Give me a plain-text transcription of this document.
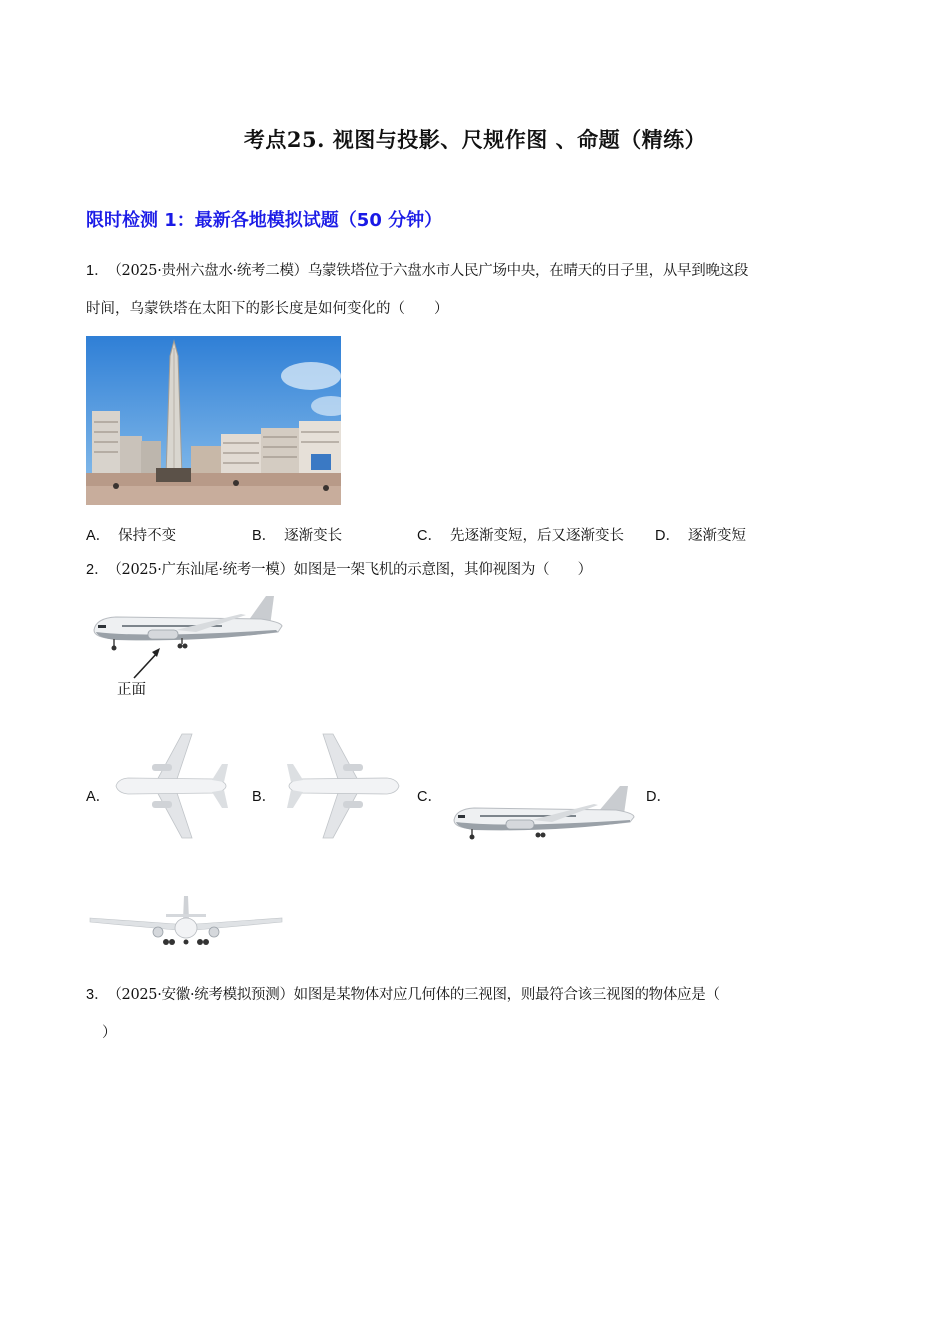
考点25. 视图与投影、尺规作图 、命题（精练）
限时检测 1：最新各地模拟试题（50 分钟）
1． （2025·贵州六盘水·统考二模）乌蒙铁塔位于六盘水市人民广场中央，在晴天的日子里，从早到晚这段
时间，乌蒙铁塔在太阳下的影长度是如何变化的（　　）
A． 保持不变	B． 逐渐变长	C． 先逐渐变短，后又逐渐变长 D． 逐渐变短
2． （2025·广东汕尾·统考一模）如图是一架飞机的示意图，其仰视图为（　　）
正面
A．	B．	C．	D．
3． （2025·安徽·统考模拟预测）如图是某物体对应几何体的三视图，则最符合该三视图的物体应是（
）
